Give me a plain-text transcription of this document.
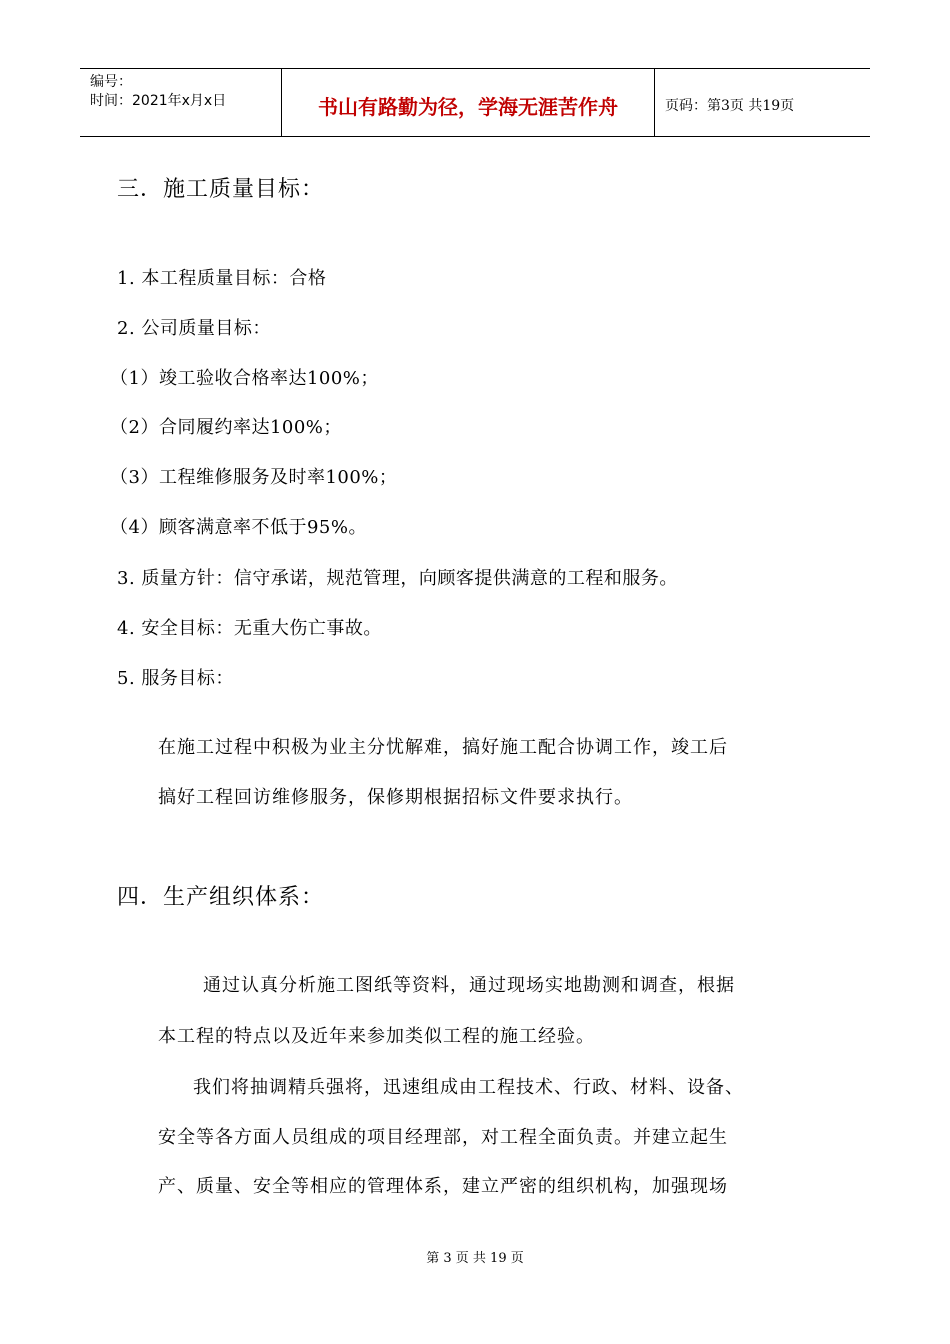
编号：
时间：2021年x月x日	书山有路勤为径，学海无涯苦作舟	页码：第3页 共19页
三．施工质量目标：
1. 本工程质量目标：合格
2. 公司质量目标：
（1）竣工验收合格率达100%；
（2）合同履约率达100%；
（3）工程维修服务及时率100%；
（4）顾客满意率不低于95%。
3. 质量方针：信守承诺，规范管理，向顾客提供满意的工程和服务。
4. 安全目标：无重大伤亡事故。
5. 服务目标：
在施工过程中积极为业主分忧解难，搞好施工配合协调工作，竣工后
搞好工程回访维修服务，保修期根据招标文件要求执行。
四．生产组织体系：
通过认真分析施工图纸等资料，通过现场实地勘测和调查，根据
本工程的特点以及近年来参加类似工程的施工经验。
我们将抽调精兵强将，迅速组成由工程技术、行政、材料、设备、
安全等各方面人员组成的项目经理部，对工程全面负责。并建立起生
产、质量、安全等相应的管理体系，建立严密的组织机构，加强现场
第 3 页 共 19 页
